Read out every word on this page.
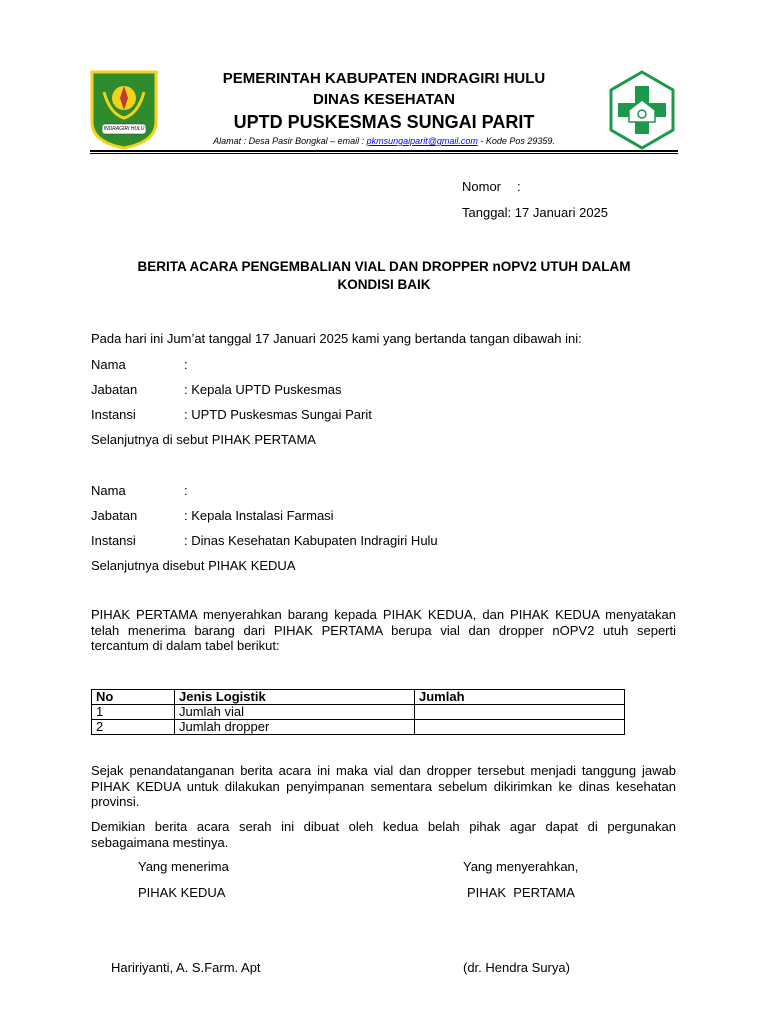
INDRAGIRI HULU
PEMERINTAH KABUPATEN INDRAGIRI HULU
DINAS KESEHATAN
UPTD PUSKESMAS SUNGAI PARIT
Alamat : Desa Pasir Bongkal – email : pkmsungaiparit@gmail.com - Kode Pos 29359.
Nomor :
Tanggal: 17 Januari 2025
BERITA ACARA PENGEMBALIAN VIAL DAN DROPPER nOPV2 UTUH DALAM
KONDISI BAIK
Pada hari ini Jum’at tanggal 17 Januari 2025 kami yang bertanda tangan dibawah ini:
Nama	:
Jabatan	: Kepala UPTD Puskesmas
Instansi	: UPTD Puskesmas Sungai Parit
Selanjutnya di sebut PIHAK PERTAMA
Nama	:
Jabatan	: Kepala Instalasi Farmasi
Instansi	: Dinas Kesehatan Kabupaten Indragiri Hulu
Selanjutnya disebut PIHAK KEDUA
PIHAK PERTAMA menyerahkan barang kepada PIHAK KEDUA, dan PIHAK KEDUA menyatakan telah menerima barang dari PIHAK PERTAMA berupa vial dan dropper nOPV2 utuh seperti tercantum di dalam tabel berikut:
No	Jenis Logistik	Jumlah
1	Jumlah vial	
2	Jumlah dropper	
Sejak penandatanganan berita acara ini maka vial dan dropper tersebut menjadi tanggung jawab PIHAK KEDUA untuk dilakukan penyimpanan sementara sebelum dikirimkan ke dinas kesehatan provinsi.
Demikian berita acara serah ini dibuat oleh kedua belah pihak agar dapat di pergunakan sebagaimana mestinya.
Yang menerima
PIHAK KEDUA
Haririyanti, A. S.Farm. Apt
Yang menyerahkan,
PIHAK  PERTAMA
(dr. Hendra Surya)
